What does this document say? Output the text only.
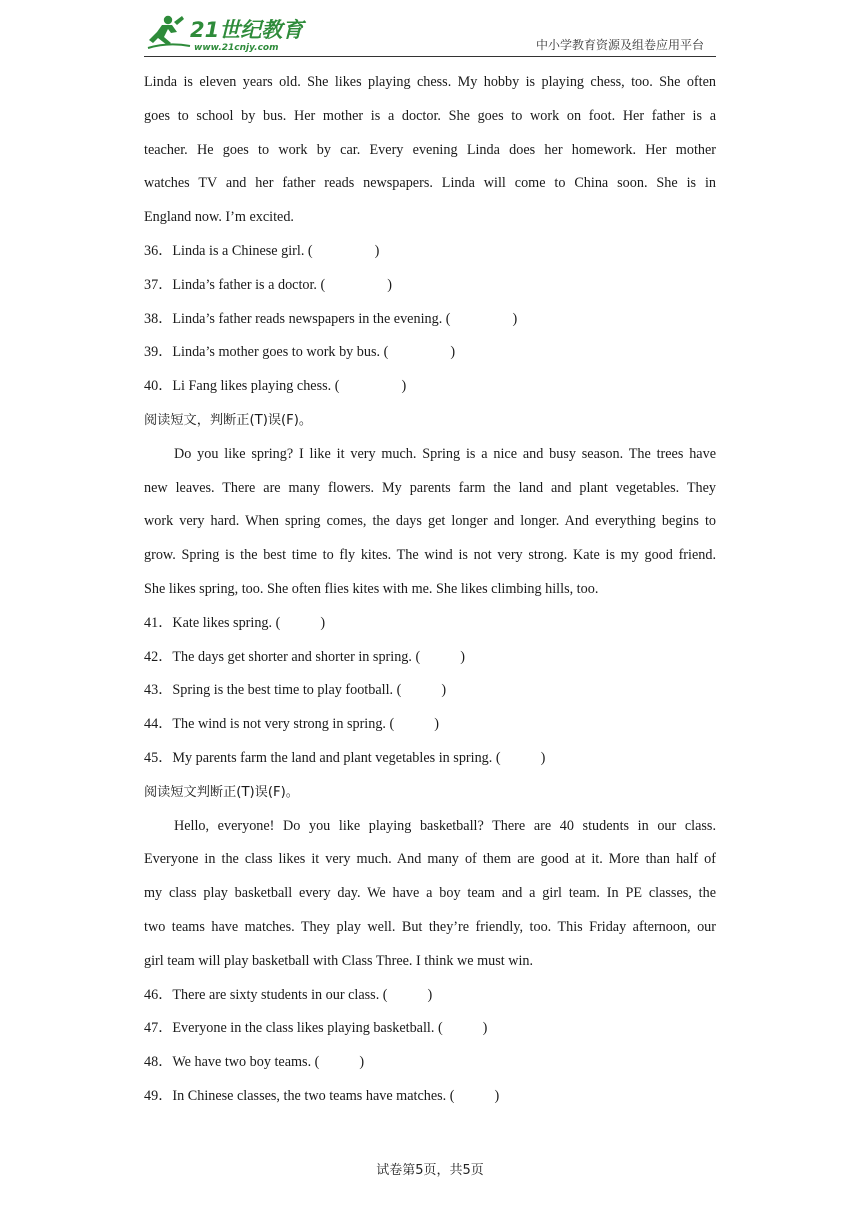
21世纪教育
www.21cnjy.com	中小学教育资源及组卷应用平台
Linda is eleven years old. She likes playing chess. My hobby is playing chess, too. She often
goes to school by bus. Her mother is a doctor. She goes to work on foot. Her father is a
teacher. He goes to work by car. Every evening Linda does her homework. Her mother
watches TV and her father reads newspapers. Linda will come to China soon. She is in
England now. I’m excited.
36．Linda is a Chinese girl. (	)
37．Linda’s father is a doctor. (	)
38．Linda’s father reads newspapers in the evening. (	)
39．Linda’s mother goes to work by bus. (	)
40．Li Fang likes playing chess. (	)
阅读短文，判断正(T)误(F)。
Do you like spring? I like it very much. Spring is a nice and busy season. The trees have
new leaves. There are many flowers. My parents farm the land and plant vegetables. They
work very hard. When spring comes, the days get longer and longer. And everything begins to
grow. Spring is the best time to fly kites. The wind is not very strong. Kate is my good friend.
She likes spring, too. She often flies kites with me. She likes climbing hills, too.
41．Kate likes spring. (	)
42．The days get shorter and shorter in spring. (	)
43．Spring is the best time to play football. (	)
44．The wind is not very strong in spring. (	)
45．My parents farm the land and plant vegetables in spring. (	)
阅读短文判断正(T)误(F)。
Hello, everyone! Do you like playing basketball? There are 40 students in our class.
Everyone in the class likes it very much. And many of them are good at it. More than half of
my class play basketball every day. We have a boy team and a girl team. In PE classes, the
two teams have matches. They play well. But they’re friendly, too. This Friday afternoon, our
girl team will play basketball with Class Three. I think we must win.
46．There are sixty students in our class. (	)
47．Everyone in the class likes playing basketball. (	)
48．We have two boy teams. (	)
49．In Chinese classes, the two teams have matches. (	)
试卷第5页，共5页
